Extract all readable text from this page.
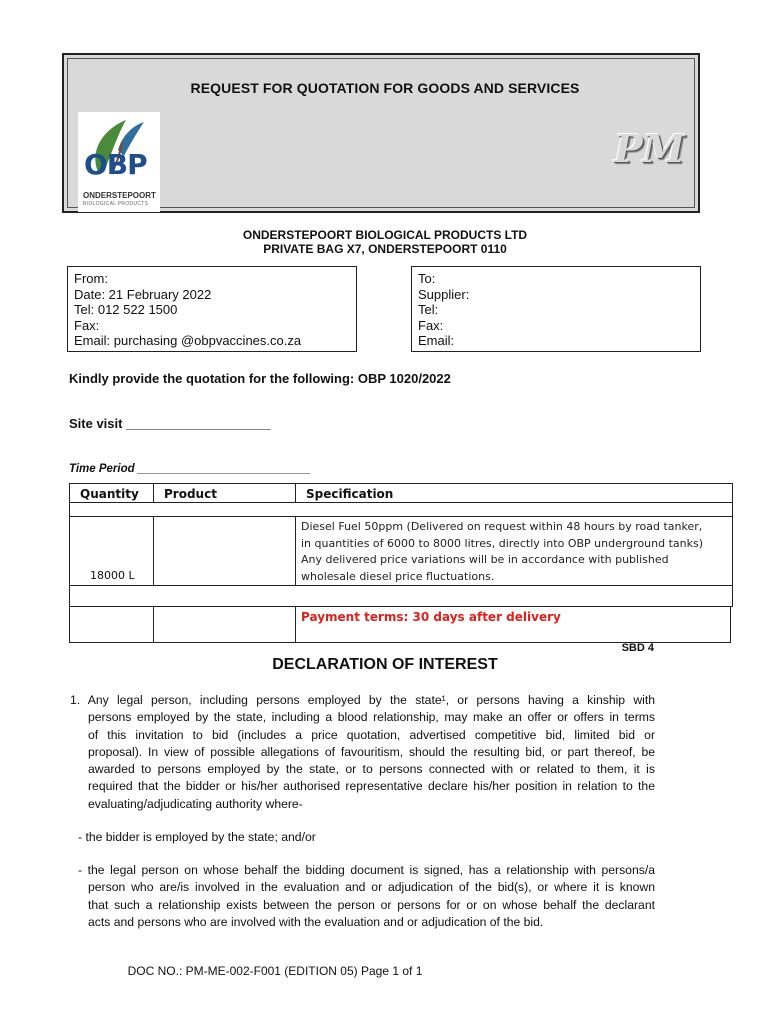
REQUEST FOR QUOTATION FOR GOODS AND SERVICES
OBP
ONDERSTEPOORT
BIOLOGICAL PRODUCTS
PM
ONDERSTEPOORT BIOLOGICAL PRODUCTS LTD
PRIVATE BAG X7, ONDERSTEPOORT 0110
From:
Date: 21 February 2022
Tel: 012 522 1500
Fax:
Email: purchasing @obpvaccines.co.za
To:
Supplier:
Tel:
Fax:
Email:
Kindly provide the quotation for the following: OBP 1020/2022
Site visit ____________________
Time Period ___________________________
Quantity	Product	Specification
18000 L
Diesel Fuel 50ppm (Delivered on request within 48 hours by road tanker,
in quantities of 6000 to 8000 litres, directly into OBP underground tanks)
Any delivered price variations will be in accordance with published
wholesale diesel price fluctuations.
Payment terms: 30 days after delivery
SBD 4
DECLARATION OF INTEREST
1. Any legal person, including persons employed by the state¹, or persons having a kinship with
persons employed by the state, including a blood relationship, may make an offer or offers in terms
of this invitation to bid (includes a price quotation, advertised competitive bid, limited bid or
proposal). In view of possible allegations of favouritism, should the resulting bid, or part thereof, be
awarded to persons employed by the state, or to persons connected with or related to them, it is
required that the bidder or his/her authorised representative declare his/her position in relation to the
evaluating/adjudicating authority where-
- the bidder is employed by the state; and/or
- the legal person on whose behalf the bidding document is signed, has a relationship with persons/a
person who are/is involved in the evaluation and or adjudication of the bid(s), or where it is known
that such a relationship exists between the person or persons for or on whose behalf the declarant
acts and persons who are involved with the evaluation and or adjudication of the bid.
DOC NO.: PM-ME-002-F001 (EDITION 05) Page 1 of 1
